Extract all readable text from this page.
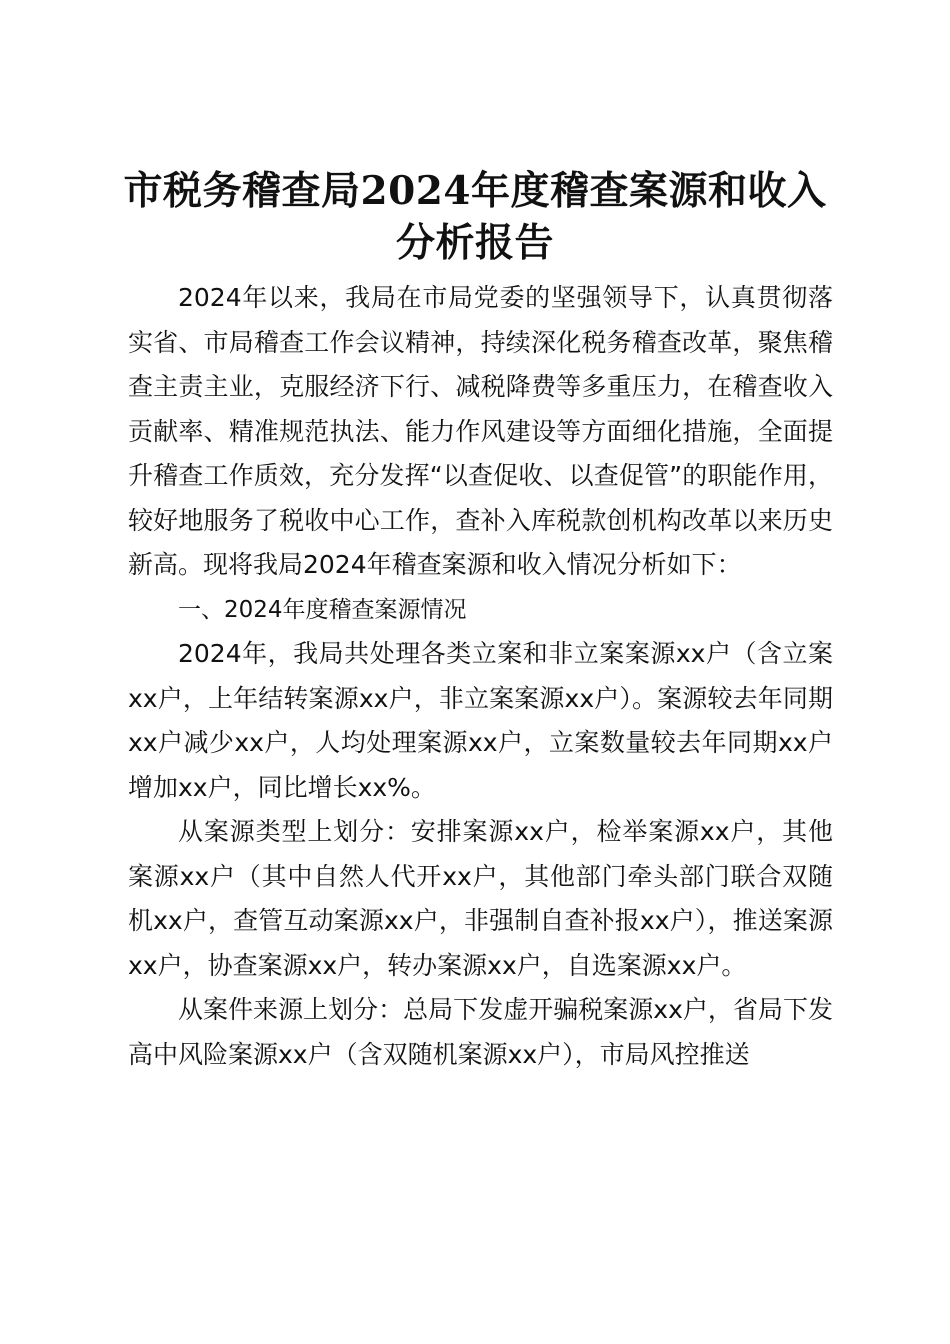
市税务稽查局2024年度稽查案源和收入分析报告

2024年以来，我局在市局党委的坚强领导下，认真贯彻落实省、市局稽查工作会议精神，持续深化税务稽查改革，聚焦稽查主责主业，克服经济下行、减税降费等多重压力，在稽查收入贡献率、精准规范执法、能力作风建设等方面细化措施，全面提升稽查工作质效，充分发挥“以查促收、以查促管”的职能作用，较好地服务了税收中心工作，查补入库税款创机构改革以来历史新高。现将我局2024年稽查案源和收入情况分析如下：

一、2024年度稽查案源情况

2024年，我局共处理各类立案和非立案案源xx户（含立案xx户，上年结转案源xx户，非立案案源xx户）。案源较去年同期xx户减少xx户，人均处理案源xx户，立案数量较去年同期xx户增加xx户，同比增长xx%。

从案源类型上划分：安排案源xx户，检举案源xx户，其他案源xx户（其中自然人代开xx户，其他部门牵头部门联合双随机xx户，查管互动案源xx户，非强制自查补报xx户），推送案源xx户，协查案源xx户，转办案源xx户，自选案源xx户。

从案件来源上划分：总局下发虚开骗税案源xx户，省局下发高中风险案源xx户（含双随机案源xx户），市局风控推送
